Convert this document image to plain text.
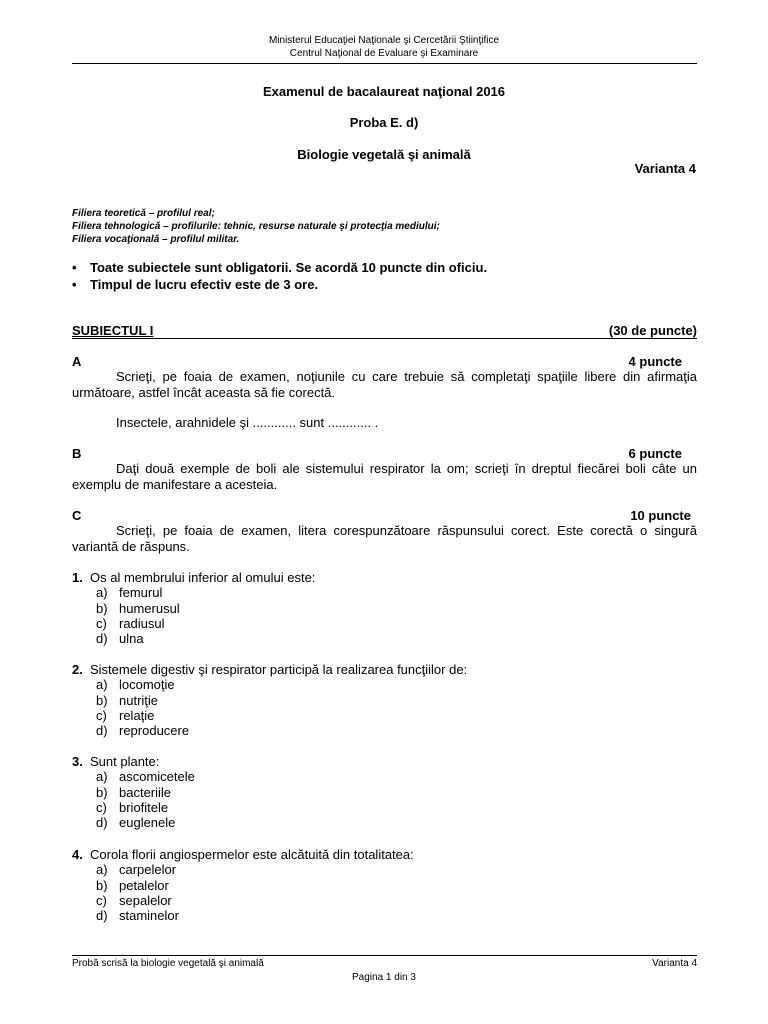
Ministerul Educaţiei Naţionale şi Cercetării Ştiinţifice
Centrul Naţional de Evaluare şi Examinare
Examenul de bacalaureat naţional 2016
Proba E. d)
Biologie vegetală şi animală
Varianta 4
Filiera teoretică – profilul real;
Filiera tehnologică – profilurile: tehnic, resurse naturale şi protecţia mediului;
Filiera vocaţională – profilul militar.
•	Toate subiectele sunt obligatorii. Se acordă 10 puncte din oficiu.
•	Timpul de lucru efectiv este de 3 ore.
SUBIECTUL I	(30 de puncte)
A	4 puncte
Scrieţi, pe foaia de examen, noţiunile cu care trebuie să completaţi spaţiile libere din afirmaţia următoare, astfel încât aceasta să fie corectă.
Insectele, arahnidele şi ............ sunt ............ .
B	6 puncte
Daţi două exemple de boli ale sistemului respirator la om; scrieţi în dreptul fiecărei boli câte un exemplu de manifestare a acesteia.
C	10 puncte
Scrieţi, pe foaia de examen, litera corespunzătoare răspunsului corect. Este corectă o singură variantă de răspuns.
1. Os al membrului inferior al omului este:
a) femurul
b) humerusul
c) radiusul
d) ulna
2. Sistemele digestiv şi respirator participă la realizarea funcţiilor de:
a) locomoţie
b) nutriţie
c) relaţie
d) reproducere
3. Sunt plante:
a) ascomicetele
b) bacteriile
c) briofitele
d) euglenele
4. Corola florii angiospermelor este alcătuită din totalitatea:
a) carpelelor
b) petalelor
c) sepalelor
d) staminelor
Probă scrisă la biologie vegetală şi animală	Varianta 4
Pagina 1 din 3
